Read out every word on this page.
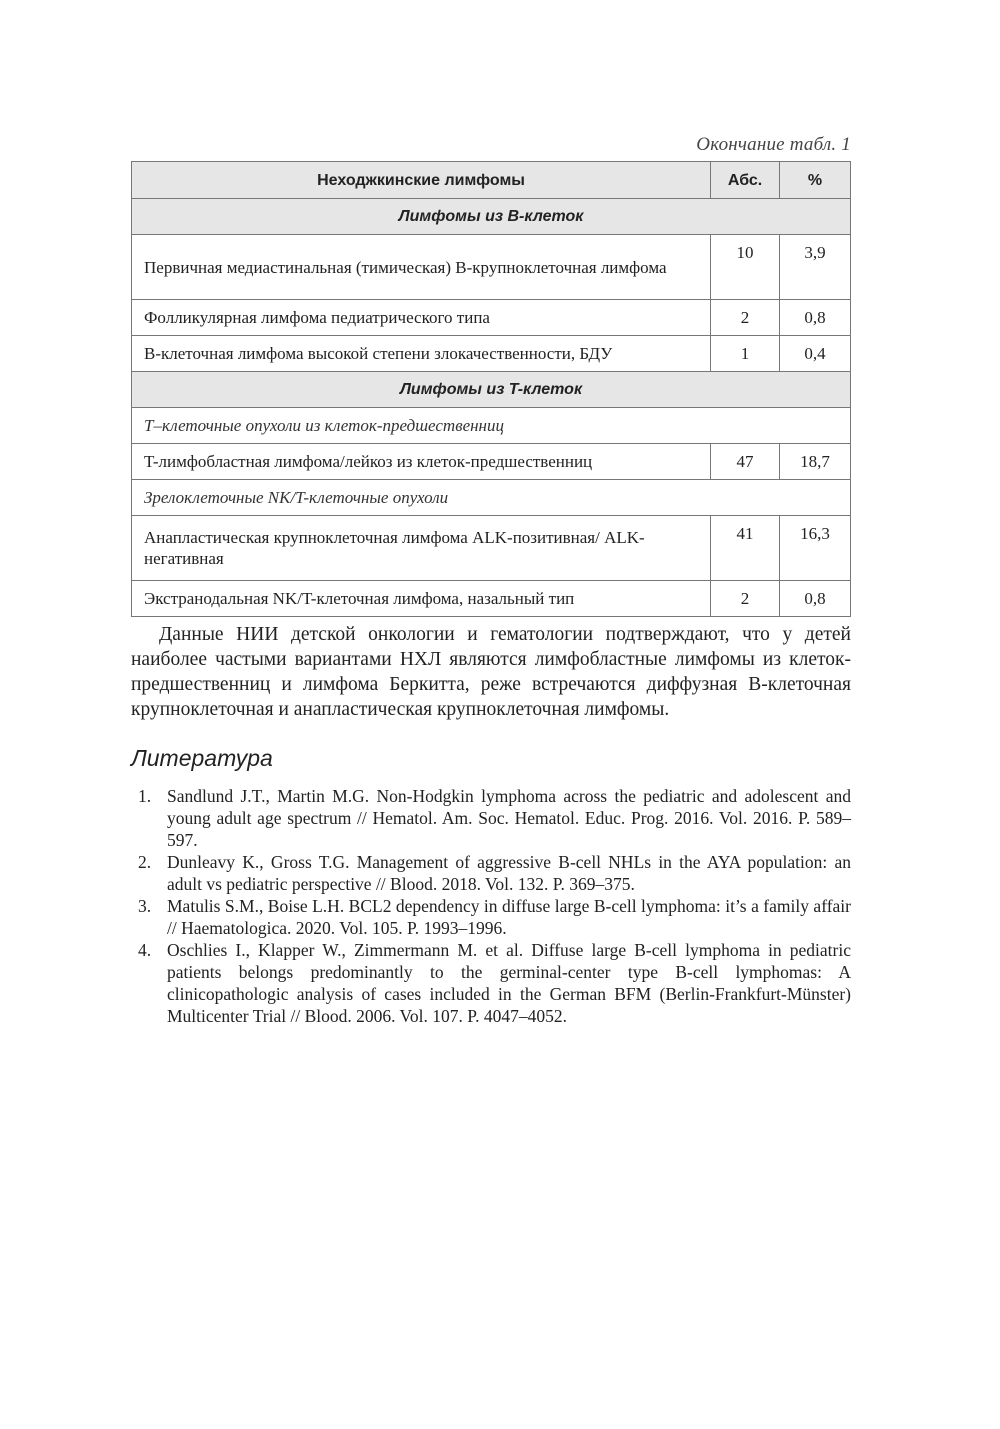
Окончание табл. 1
Неходжкинские лимфомы	Абс.	%
Лимфомы из B-клеток		
Первичная медиастинальная (тимическая) B-крупноклеточная лимфома	10	3,9
Фолликулярная лимфома педиатрического типа	2	0,8
B-клеточная лимфома высокой степени злокачественности, БДУ	1	0,4
Лимфомы из T-клеток		
T–клеточные опухоли из клеток-предшественниц		
T-лимфобластная лимфома/лейкоз из клеток-предшественниц	47	18,7
Зрелоклеточные NK/T-клеточные опухоли		
Анапластическая крупноклеточная лимфома ALK-позитивная/ ALK-негативная	41	16,3
Экстранодальная NK/T-клеточная лимфома, назальный тип	2	0,8

Данные НИИ детской онкологии и гематологии подтверждают, что у детей наиболее частыми вариантами НХЛ являются лимфобластные лимфомы из клеток-предшественниц и лимфома Беркитта, реже встречаются диффузная B-клеточная крупноклеточная и анапластическая крупноклеточная лимфомы.

Литература
1. Sandlund J.T., Martin M.G. Non-Hodgkin lymphoma across the pediatric and adolescent and young adult age spectrum // Hematol. Am. Soc. Hematol. Educ. Prog. 2016. Vol. 2016. P. 589–597.
2. Dunleavy K., Gross T.G. Management of aggressive B-cell NHLs in the AYA population: an adult vs pediatric perspective // Blood. 2018. Vol. 132. P. 369–375.
3. Matulis S.M., Boise L.H. BCL2 dependency in diffuse large B-cell lymphoma: it’s a family affair // Haematologica. 2020. Vol. 105. P. 1993–1996.
4. Oschlies I., Klapper W., Zimmermann M. et al. Diffuse large B-cell lymphoma in pediatric patients belongs predominantly to the germinal-center type B-cell lymphomas: A clinicopathologic analysis of cases included in the German BFM (Berlin-Frankfurt-Münster) Multicenter Trial // Blood. 2006. Vol. 107. P. 4047–4052.
